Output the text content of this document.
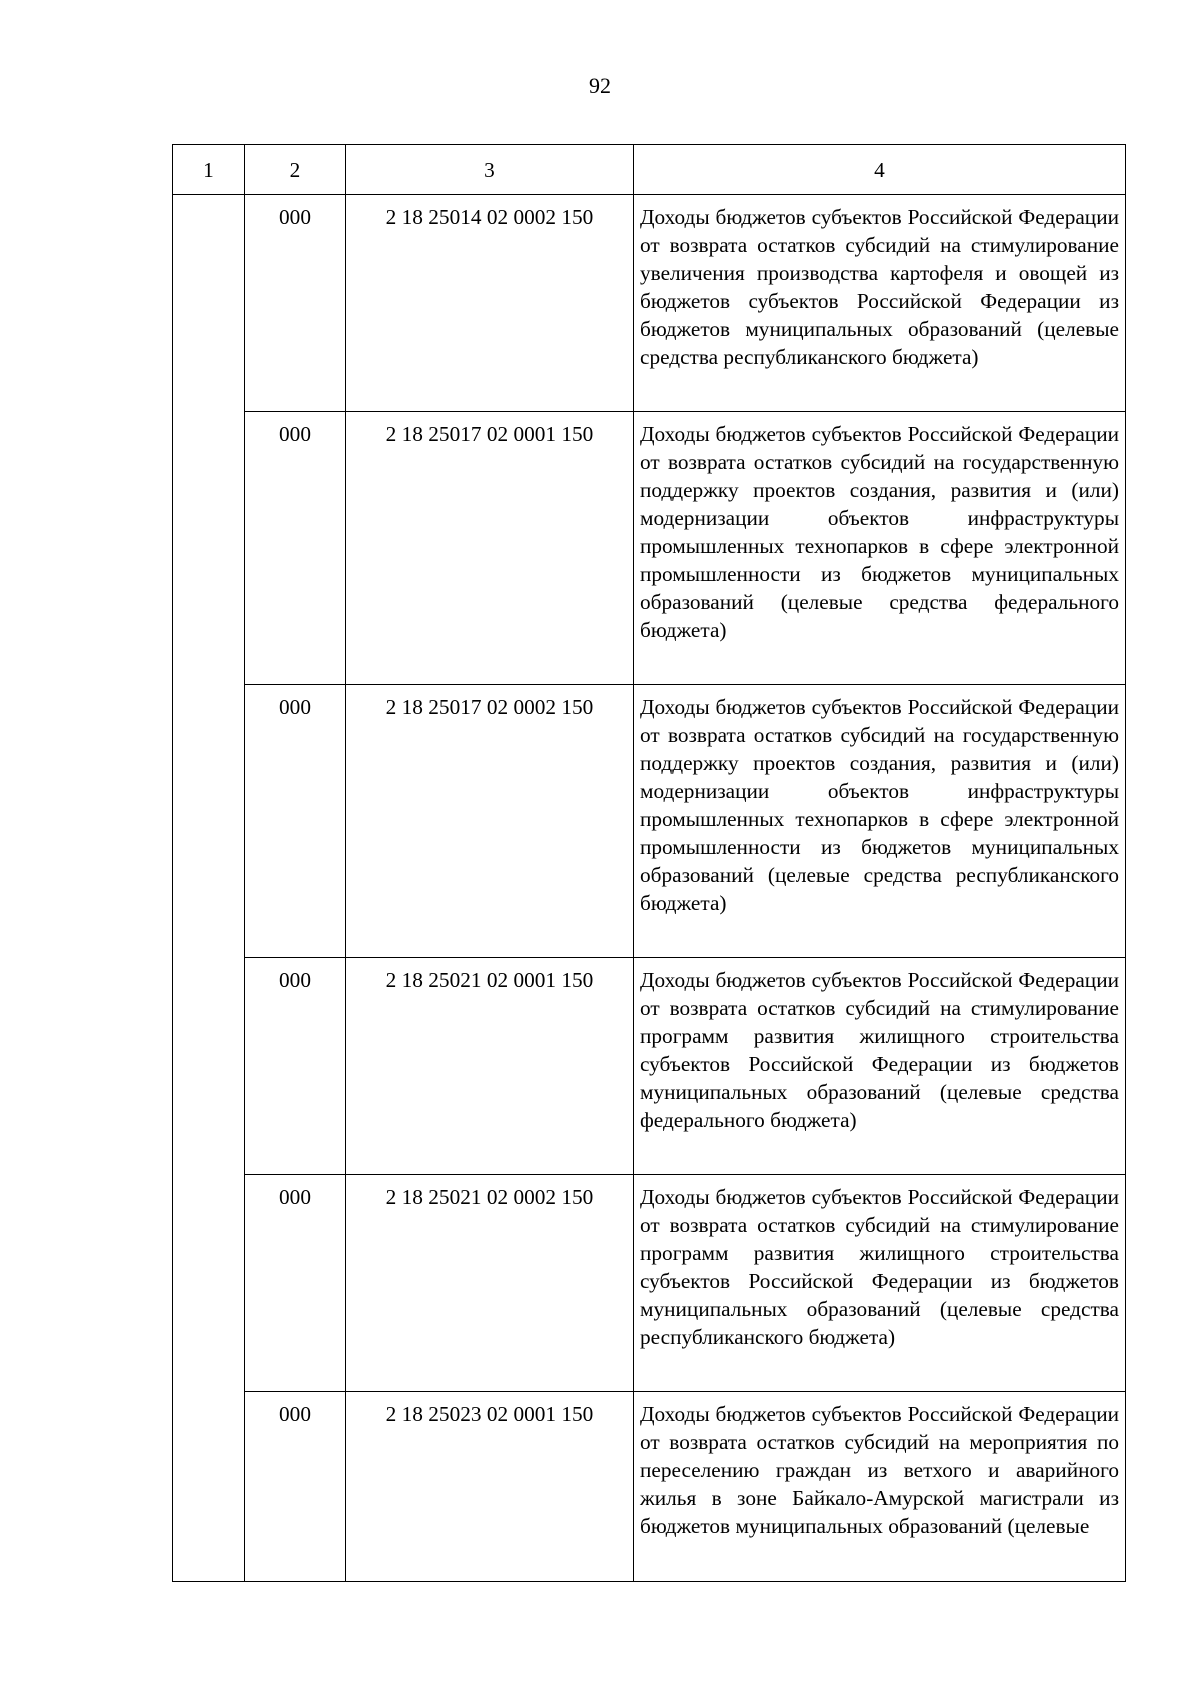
92
1	2	3	4
	000	2 18 25014 02 0002 150	Доходы бюджетов субъектов Российской Федерации от возврата остатков субсидий на стимулирование увеличения производства картофеля и овощей из бюджетов субъектов Российской Федерации из бюджетов муниципальных образований (целевые средства республиканского бюджета)
	000	2 18 25017 02 0001 150	Доходы бюджетов субъектов Российской Федерации от возврата остатков субсидий на государственную поддержку проектов создания, развития и (или) модернизации объектов инфраструктуры промышленных технопарков в сфере электронной промышленности из бюджетов муниципальных образований (целевые средства федерального бюджета)
	000	2 18 25017 02 0002 150	Доходы бюджетов субъектов Российской Федерации от возврата остатков субсидий на государственную поддержку проектов создания, развития и (или) модернизации объектов инфраструктуры промышленных технопарков в сфере электронной промышленности из бюджетов муниципальных образований (целевые средства республиканского бюджета)
	000	2 18 25021 02 0001 150	Доходы бюджетов субъектов Российской Федерации от возврата остатков субсидий на стимулирование программ развития жилищного строительства субъектов Российской Федерации из бюджетов муниципальных образований (целевые средства федерального бюджета)
	000	2 18 25021 02 0002 150	Доходы бюджетов субъектов Российской Федерации от возврата остатков субсидий на стимулирование программ развития жилищного строительства субъектов Российской Федерации из бюджетов муниципальных образований (целевые средства республиканского бюджета)
	000	2 18 25023 02 0001 150	Доходы бюджетов субъектов Российской Федерации от возврата остатков субсидий на мероприятия по переселению граждан из ветхого и аварийного жилья в зоне Байкало-Амурской магистрали из бюджетов муниципальных образований (целевые
